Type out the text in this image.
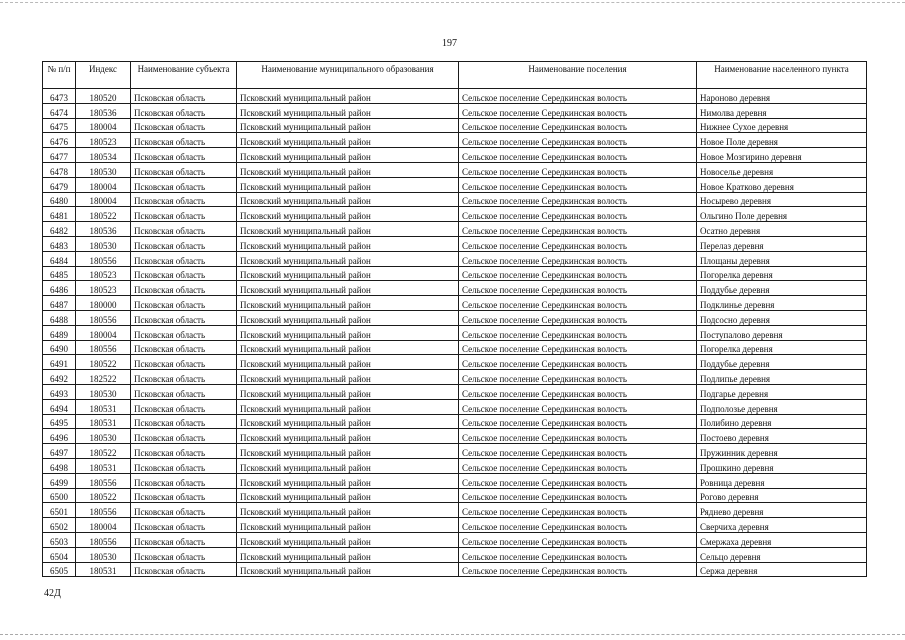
197
№ п/п	Индекс	Наименование субъекта	Наименование муниципального образования	Наименование поселения	Наименование населенного пункта
6473	180520	Псковская область	Псковский муниципальный район	Сельское поселение Середкинская волость	Нароново деревня
6474	180536	Псковская область	Псковский муниципальный район	Сельское поселение Середкинская волость	Нимолва деревня
6475	180004	Псковская область	Псковский муниципальный район	Сельское поселение Середкинская волость	Нижнее Сухое деревня
6476	180523	Псковская область	Псковский муниципальный район	Сельское поселение Середкинская волость	Новое Поле деревня
6477	180534	Псковская область	Псковский муниципальный район	Сельское поселение Середкинская волость	Новое Мозгирино деревня
6478	180530	Псковская область	Псковский муниципальный район	Сельское поселение Середкинская волость	Новоселье деревня
6479	180004	Псковская область	Псковский муниципальный район	Сельское поселение Середкинская волость	Новое Кратково деревня
6480	180004	Псковская область	Псковский муниципальный район	Сельское поселение Середкинская волость	Носырево деревня
6481	180522	Псковская область	Псковский муниципальный район	Сельское поселение Середкинская волость	Ольгино Поле деревня
6482	180536	Псковская область	Псковский муниципальный район	Сельское поселение Середкинская волость	Осатно деревня
6483	180530	Псковская область	Псковский муниципальный район	Сельское поселение Середкинская волость	Перелаз деревня
6484	180556	Псковская область	Псковский муниципальный район	Сельское поселение Середкинская волость	Площаны деревня
6485	180523	Псковская область	Псковский муниципальный район	Сельское поселение Середкинская волость	Погорелка деревня
6486	180523	Псковская область	Псковский муниципальный район	Сельское поселение Середкинская волость	Поддубье деревня
6487	180000	Псковская область	Псковский муниципальный район	Сельское поселение Середкинская волость	Подклинье деревня
6488	180556	Псковская область	Псковский муниципальный район	Сельское поселение Середкинская волость	Подсосно деревня
6489	180004	Псковская область	Псковский муниципальный район	Сельское поселение Середкинская волость	Поступалово деревня
6490	180556	Псковская область	Псковский муниципальный район	Сельское поселение Середкинская волость	Погорелка деревня
6491	180522	Псковская область	Псковский муниципальный район	Сельское поселение Середкинская волость	Поддубье деревня
6492	182522	Псковская область	Псковский муниципальный район	Сельское поселение Середкинская волость	Подлипье деревня
6493	180530	Псковская область	Псковский муниципальный район	Сельское поселение Середкинская волость	Подгарье деревня
6494	180531	Псковская область	Псковский муниципальный район	Сельское поселение Середкинская волость	Подполозье деревня
6495	180531	Псковская область	Псковский муниципальный район	Сельское поселение Середкинская волость	Полибино деревня
6496	180530	Псковская область	Псковский муниципальный район	Сельское поселение Середкинская волость	Постоево деревня
6497	180522	Псковская область	Псковский муниципальный район	Сельское поселение Середкинская волость	Пружинник деревня
6498	180531	Псковская область	Псковский муниципальный район	Сельское поселение Середкинская волость	Прошкино деревня
6499	180556	Псковская область	Псковский муниципальный район	Сельское поселение Середкинская волость	Ровница деревня
6500	180522	Псковская область	Псковский муниципальный район	Сельское поселение Середкинская волость	Рогово деревня
6501	180556	Псковская область	Псковский муниципальный район	Сельское поселение Середкинская волость	Ряднево деревня
6502	180004	Псковская область	Псковский муниципальный район	Сельское поселение Середкинская волость	Сверчиха деревня
6503	180556	Псковская область	Псковский муниципальный район	Сельское поселение Середкинская волость	Смержаха деревня
6504	180530	Псковская область	Псковский муниципальный район	Сельское поселение Середкинская волость	Сельцо деревня
6505	180531	Псковская область	Псковский муниципальный район	Сельское поселение Середкинская волость	Сержа деревня
42Д
